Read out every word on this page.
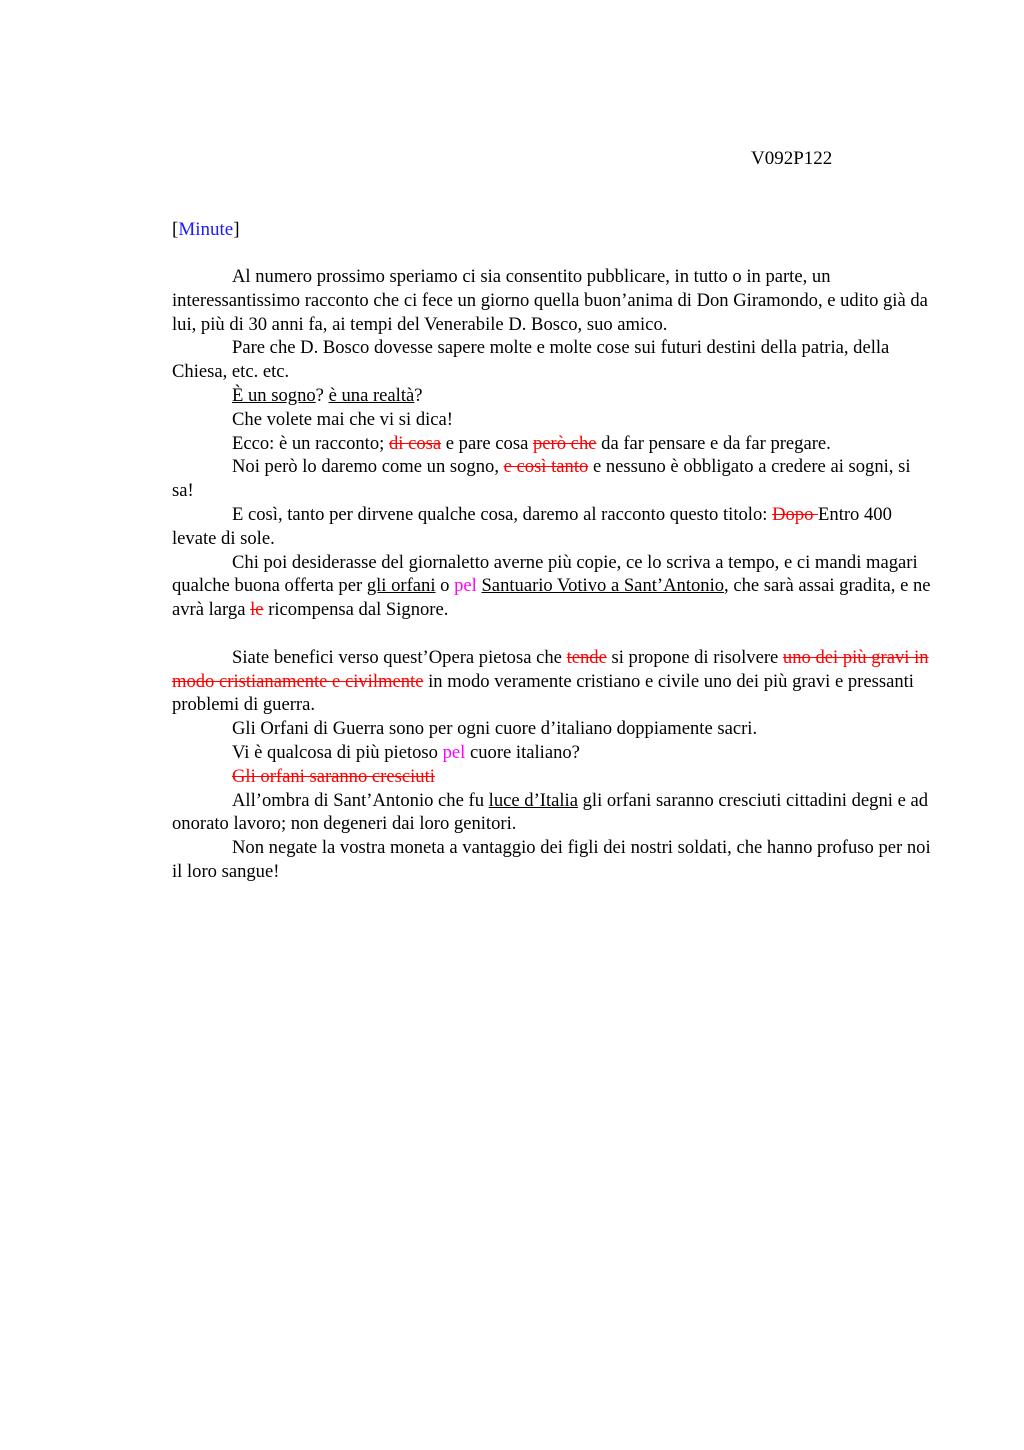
V092P122
[Minute]

Al numero prossimo speriamo ci sia consentito pubblicare, in tutto o in parte, un interessantissimo racconto che ci fece un giorno quella buon’anima di Don Giramondo, e udito già da lui, più di 30 anni fa, ai tempi del Venerabile D. Bosco, suo amico.

Pare che D. Bosco dovesse sapere molte e molte cose sui futuri destini della patria, della Chiesa, etc. etc.

È un sogno? è una realtà?

Che volete mai che vi si dica!

Ecco: è un racconto; di cosa e pare cosa però che da far pensare e da far pregare.

Noi però lo daremo come un sogno, e così tanto e nessuno è obbligato a credere ai sogni, si sa!

E così, tanto per dirvene qualche cosa, daremo al racconto questo titolo: Dopo Entro 400 levate di sole.

Chi poi desiderasse del giornaletto averne più copie, ce lo scriva a tempo, e ci mandi magari qualche buona offerta per gli orfani o pel Santuario Votivo a Sant’Antonio, che sarà assai gradita, e ne avrà larga le ricompensa dal Signore.

Siate benefici verso quest’Opera pietosa che tende si propone di risolvere uno dei più gravi in modo cristianamente e civilmente in modo veramente cristiano e civile uno dei più gravi e pressanti problemi di guerra.

Gli Orfani di Guerra sono per ogni cuore d’italiano doppiamente sacri.

Vi è qualcosa di più pietoso pel cuore italiano?

Gli orfani saranno cresciuti

All’ombra di Sant’Antonio che fu luce d’Italia gli orfani saranno cresciuti cittadini degni e ad onorato lavoro; non degeneri dai loro genitori.

Non negate la vostra moneta a vantaggio dei figli dei nostri soldati, che hanno profuso per noi il loro sangue!
